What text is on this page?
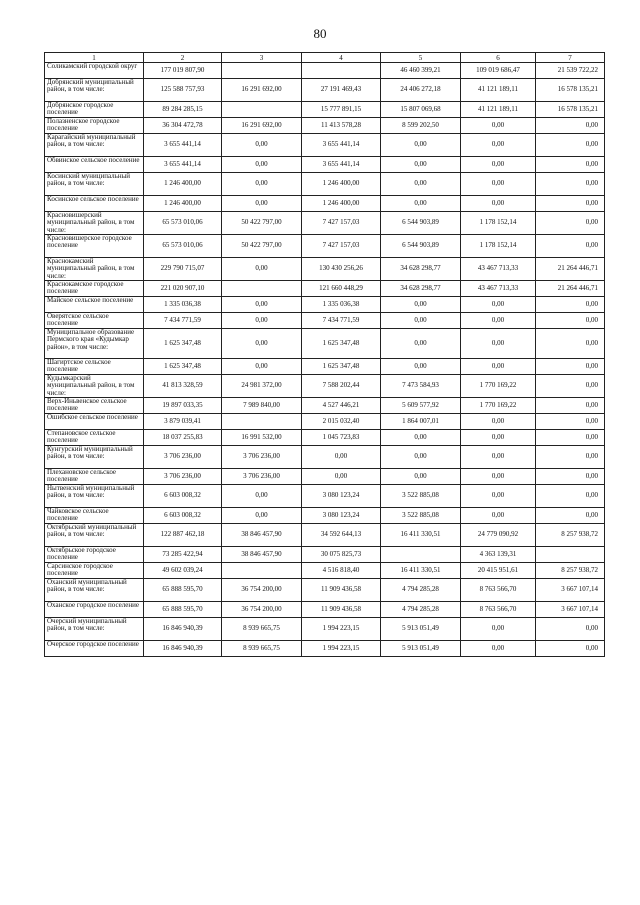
80
1	2	3	4	5	6	7
Соликамский городской округ	177 019 807,90			46 460 399,21	109 019 686,47	21 539 722,22
Добрянский муниципальный район, в том числе:	125 588 757,93	16 291 692,00	27 191 469,43	24 406 272,18	41 121 189,11	16 578 135,21
Добрянское городское поселение	89 284 285,15		15 777 891,15	15 807 069,68	41 121 189,11	16 578 135,21
Полазненское городское поселение	36 304 472,78	16 291 692,00	11 413 578,28	8 599 202,50	0,00	0,00
Карагайский муниципальный район, в том числе:	3 655 441,14	0,00	3 655 441,14	0,00	0,00	0,00
Обвинское сельское поселение	3 655 441,14	0,00	3 655 441,14	0,00	0,00	0,00
Косинский муниципальный район, в том числе:	1 246 400,00	0,00	1 246 400,00	0,00	0,00	0,00
Косинское сельское поселение	1 246 400,00	0,00	1 246 400,00	0,00	0,00	0,00
Красновишерский муниципальный район, в том числе:	65 573 010,06	50 422 797,00	7 427 157,03	6 544 903,89	1 178 152,14	0,00
Красновишерское городское поселение	65 573 010,06	50 422 797,00	7 427 157,03	6 544 903,89	1 178 152,14	0,00
Краснокамский муниципальный район, в том числе:	229 790 715,07	0,00	130 430 256,26	34 628 298,77	43 467 713,33	21 264 446,71
Краснокамское городское поселение	221 020 907,10		121 660 448,29	34 628 298,77	43 467 713,33	21 264 446,71
Майское сельское поселение	1 335 036,38	0,00	1 335 036,38	0,00	0,00	0,00
Оверятское сельское поселение	7 434 771,59	0,00	7 434 771,59	0,00	0,00	0,00
Муниципальное образование Пермского края «Кудымкар район», в том числе:	1 625 347,48	0,00	1 625 347,48	0,00	0,00	0,00
Шагиртское сельское поселение	1 625 347,48	0,00	1 625 347,48	0,00	0,00	0,00
Кудымкарский муниципальный район, в том числе:	41 813 328,59	24 981 372,00	7 588 202,44	7 473 584,93	1 770 169,22	0,00
Верх-Иньвенское сельское поселение	19 897 033,35	7 989 840,00	4 527 446,21	5 609 577,92	1 770 169,22	0,00
Ошибское сельское поселение	3 879 039,41		2 015 032,40	1 864 007,01	0,00	0,00
Степановское сельское поселение	18 037 255,83	16 991 532,00	1 045 723,83	0,00	0,00	0,00
Кунгурский муниципальный район, в том числе:	3 706 236,00	3 706 236,00	0,00	0,00	0,00	0,00
Плехановское сельское поселение	3 706 236,00	3 706 236,00	0,00	0,00	0,00	0,00
Нытвенский муниципальный район, в том числе:	6 603 008,32	0,00	3 080 123,24	3 522 885,08	0,00	0,00
Чайковское сельское поселение	6 603 008,32	0,00	3 080 123,24	3 522 885,08	0,00	0,00
Октябрьский муниципальный район, в том числе:	122 887 462,18	38 846 457,90	34 592 644,13	16 411 330,51	24 779 090,92	8 257 938,72
Октябрьское городское поселение	73 285 422,94	38 846 457,90	30 075 825,73		4 363 139,31	
Сарсинское городское поселение	49 602 039,24		4 516 818,40	16 411 330,51	20 415 951,61	8 257 938,72
Оханский муниципальный район, в том числе:	65 888 595,70	36 754 200,00	11 909 436,58	4 794 285,28	8 763 566,70	3 667 107,14
Оханское городское поселение	65 888 595,70	36 754 200,00	11 909 436,58	4 794 285,28	8 763 566,70	3 667 107,14
Очерский муниципальный район, в том числе:	16 846 940,39	8 939 665,75	1 994 223,15	5 913 051,49	0,00	0,00
Очерское городское поселение	16 846 940,39	8 939 665,75	1 994 223,15	5 913 051,49	0,00	0,00
